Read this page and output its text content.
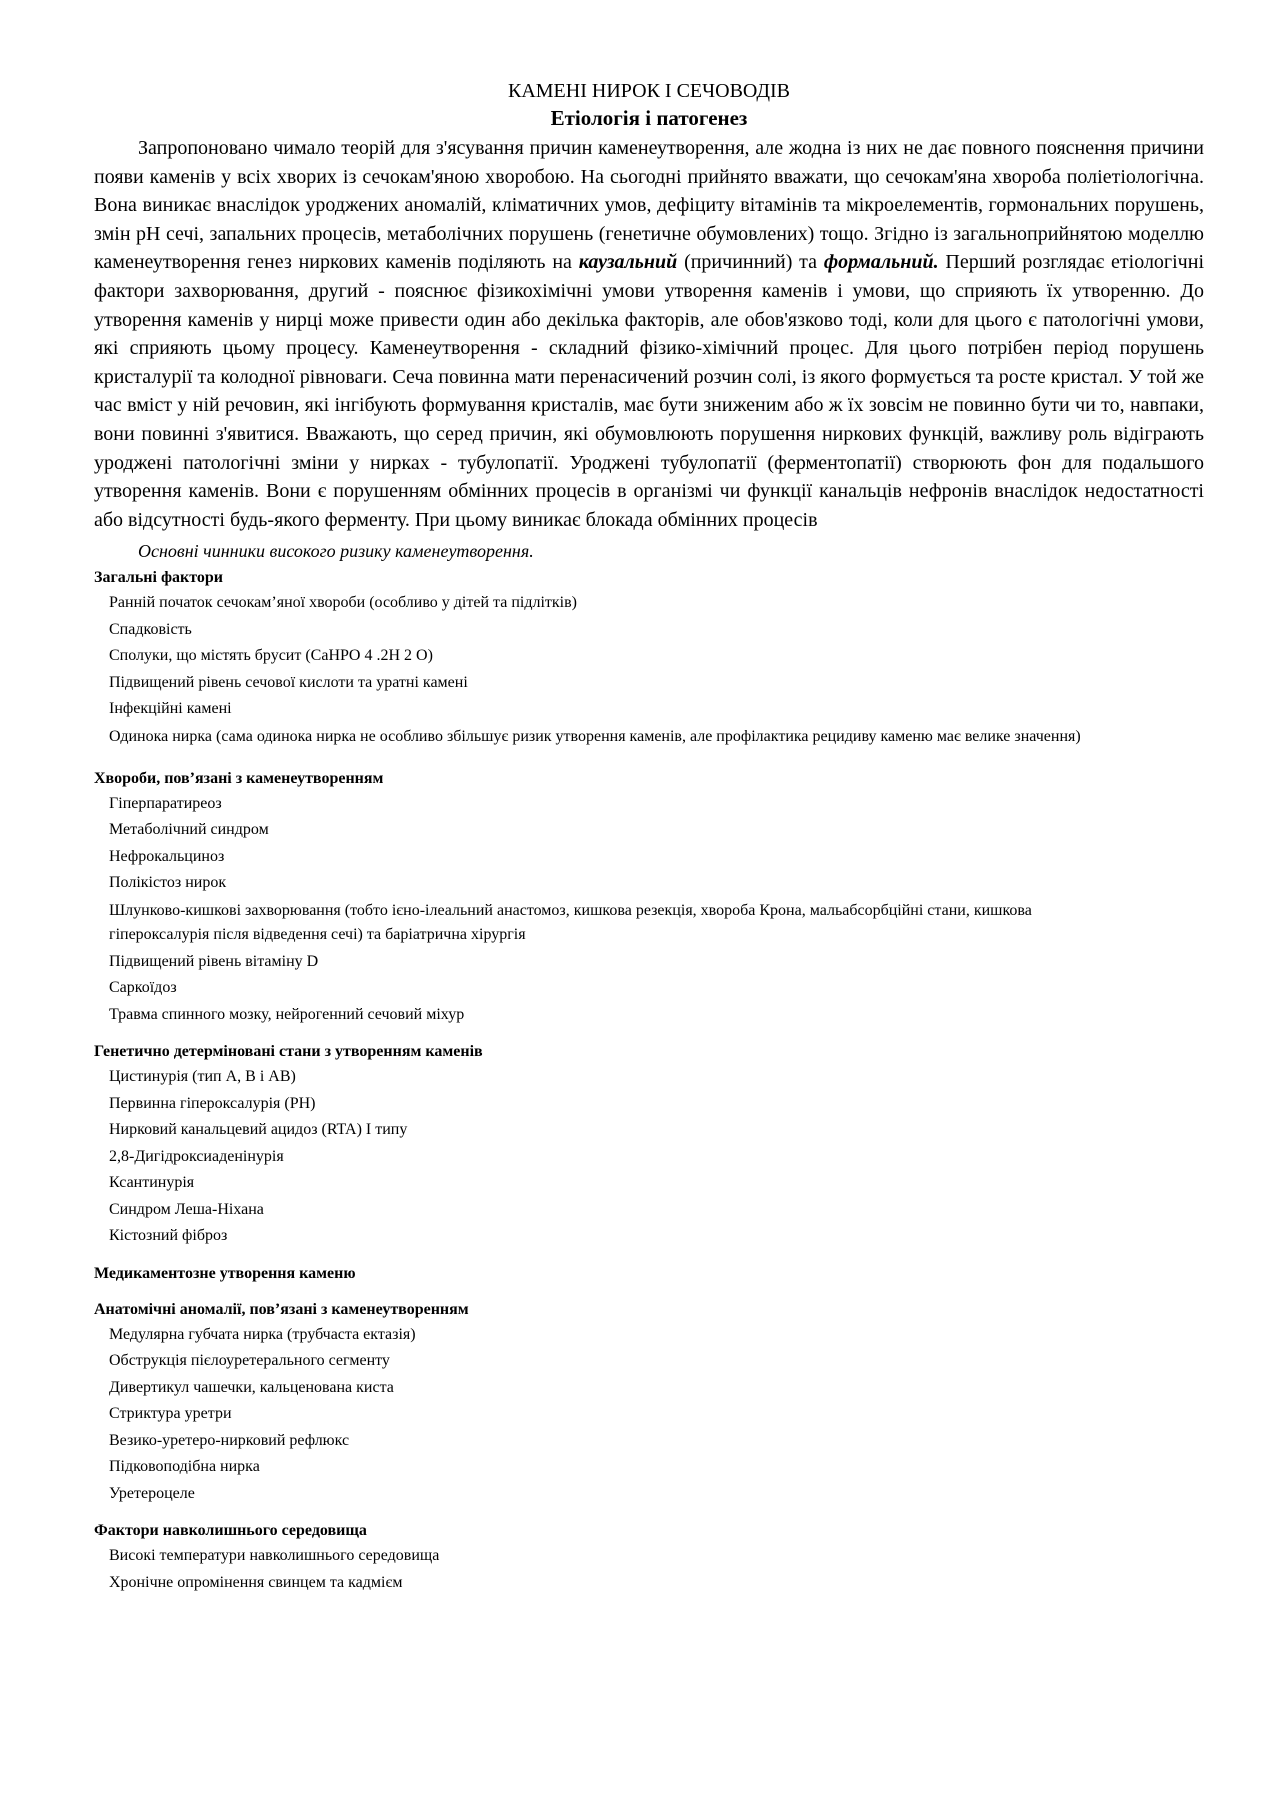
КАМЕНІ НИРОК І СЕЧОВОДІВ
Етіологія і патогенез

Запропоновано чимало теорій для з'ясування причин каменеутворення, але жодна із них не дає повного пояснення причини появи каменів у всіх хворих із сечокам'яною хворобою. На сьогодні прийнято вважати, що сечокам'яна хвороба поліетіологічна. Вона виникає внаслідок уроджених аномалій, кліматичних умов, дефіциту вітамінів та мікроелементів, гормональних порушень, змін pH сечі, запальних процесів, метаболічних порушень (генетичне обумовлених) тощо. Згідно із загальноприйнятою моделлю каменеутворення генез ниркових каменів поділяють на каузальний (причинний) та формальний. Перший розглядає етіологічні фактори захворювання, другий - пояснює фізикохімічні умови утворення каменів і умови, що сприяють їх утворенню. До утворення каменів у нирці може привести один або декілька факторів, але обов'язково тоді, коли для цього є патологічні умови, які сприяють цьому процесу. Каменеутворення - складний фізико-хімічний процес. Для цього потрібен період порушень кристалурії та колодної рівноваги. Сеча повинна мати перенасичений розчин солі, із якого формується та росте кристал. У той же час вміст у ній речовин, які інгібують формування кристалів, має бути зниженим або ж їх зовсім не повинно бути чи то, навпаки, вони повинні з'явитися. Вважають, що серед причин, які обумовлюють порушення ниркових функцій, важливу роль відіграють уроджені патологічні зміни у нирках - тубулопатії. Уроджені тубулопатії (ферментопатії) створюють фон для подальшого утворення каменів. Вони є порушенням обмінних процесів в організмі чи функції канальців нефронів внаслідок недостатності або відсутності будь-якого ферменту. При цьому виникає блокада обмінних процесів

Основні чинники високого ризику каменеутворення.
Загальні фактори
Ранній початок сечокам’яної хвороби (особливо у дітей та підлітків)
Спадковість
Сполуки, що містять брусит (CaHPO 4 .2H 2 O)
Підвищений рівень сечової кислоти та уратні камені
Інфекційні камені
Одинока нирка (сама одинока нирка не особливо збільшує ризик утворення каменів, але профілактика рецидиву каменю має велике значення)
Хвороби, пов’язані з каменеутворенням
Гіперпаратиреоз
Метаболічний синдром
Нефрокальциноз
Полікістоз нирок
Шлунково-кишкові захворювання (тобто ієно-ілеальний анастомоз, кишкова резекція, хвороба Крона, мальабсорбційні стани, кишкова гіпероксалурія після відведення сечі) та баріатрична хірургія
Підвищений рівень вітаміну D
Саркоїдоз
Травма спинного мозку, нейрогенний сечовий міхур
Генетично детерміновані стани з утворенням каменів
Цистинурія (тип А, В і АВ)
Первинна гіпероксалурія (PH)
Нирковий канальцевий ацидоз (RTA) I типу
2,8-Дигідроксиаденінурія
Ксантинурія
Синдром Леша-Ніхана
Кістозний фіброз
Медикаментозне утворення каменю
Анатомічні аномалії, пов’язані з каменеутворенням
Медулярна губчата нирка (трубчаста ектазія)
Обструкція пієлоуретерального сегменту
Дивертикул чашечки, кальценована киста
Стриктура уретри
Везико-уретеро-нирковий рефлюкс
Підковоподібна нирка
Уретероцеле
Фактори навколишнього середовища
Високі температури навколишнього середовища
Хронічне опромінення свинцем та кадмієм
